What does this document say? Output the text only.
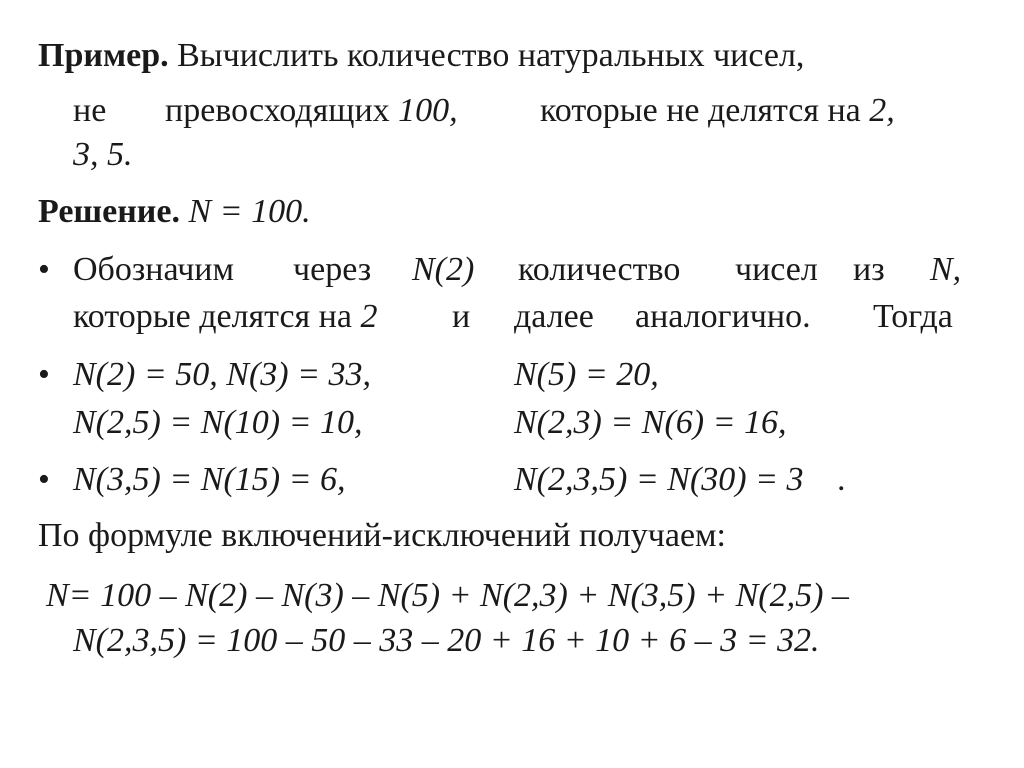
Пример. Вычислить количество натуральных чисел,
не превосходящих 100, которые не делятся на 2,
3, 5.
Решение. N = 100.
• Обозначим через N(2) количество чисел из N,
которые делятся на 2 и далее аналогично. Тогда
• N(2) = 50, N(3) = 33,	N(5) = 20,
N(2,5) = N(10) = 10,	N(2,3) = N(6) = 16,
• N(3,5) = N(15) = 6,	N(2,3,5) = N(30) = 3 .
По формуле включений-исключений получаем:
N= 100 – N(2) – N(3) – N(5) + N(2,3) + N(3,5) + N(2,5) –
N(2,3,5) = 100 – 50 – 33 – 20 + 16 + 10 + 6 – 3 = 32.
